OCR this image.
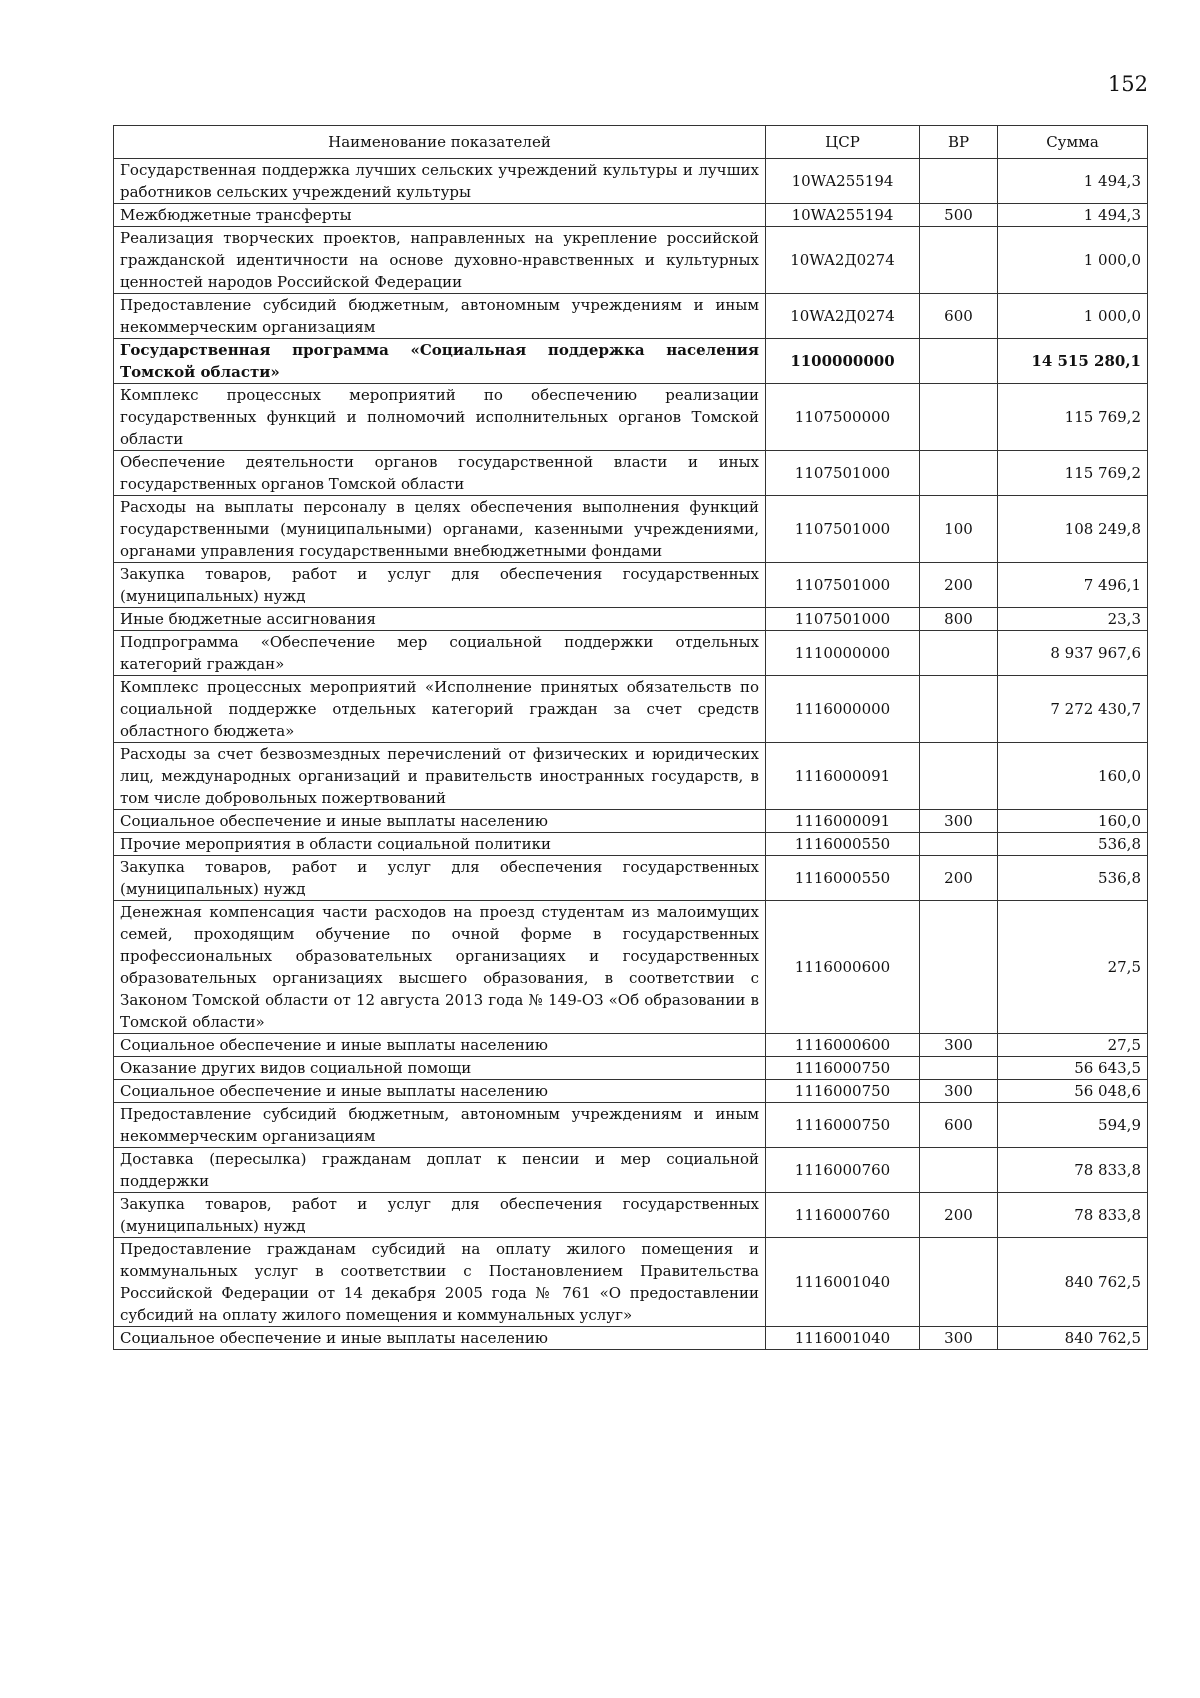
152
Наименование показателей	ЦСР	ВР	Сумма
Государственная поддержка лучших сельских учреждений культуры и лучших работников сельских учреждений культуры	10WA255194		1 494,3
Межбюджетные трансферты	10WA255194	500	1 494,3
Реализация творческих проектов, направленных на укрепление российской гражданской идентичности на основе духовно-нравственных и культурных ценностей народов Российской Федерации	10WA2Д0274		1 000,0
Предоставление субсидий бюджетным, автономным учреждениям и иным некоммерческим организациям	10WA2Д0274	600	1 000,0
Государственная программа «Социальная поддержка населения Томской области»	1100000000		14 515 280,1
Комплекс процессных мероприятий по обеспечению реализации государственных функций и полномочий исполнительных органов Томской области	1107500000		115 769,2
Обеспечение деятельности органов государственной власти и иных государственных органов Томской области	1107501000		115 769,2
Расходы на выплаты персоналу в целях обеспечения выполнения функций государственными (муниципальными) органами, казенными учреждениями, органами управления государственными внебюджетными фондами	1107501000	100	108 249,8
Закупка товаров, работ и услуг для обеспечения государственных (муниципальных) нужд	1107501000	200	7 496,1
Иные бюджетные ассигнования	1107501000	800	23,3
Подпрограмма «Обеспечение мер социальной поддержки отдельных категорий граждан»	1110000000		8 937 967,6
Комплекс процессных мероприятий «Исполнение принятых обязательств по социальной поддержке отдельных категорий граждан за счет средств областного бюджета»	1116000000		7 272 430,7
Расходы за счет безвозмездных перечислений от физических и юридических лиц, международных организаций и правительств иностранных государств, в том числе добровольных пожертвований	1116000091		160,0
Социальное обеспечение и иные выплаты населению	1116000091	300	160,0
Прочие мероприятия в области социальной политики	1116000550		536,8
Закупка товаров, работ и услуг для обеспечения государственных (муниципальных) нужд	1116000550	200	536,8
Денежная компенсация части расходов на проезд студентам из малоимущих семей, проходящим обучение по очной форме в государственных профессиональных образовательных организациях и государственных образовательных организациях высшего образования, в соответствии с Законом Томской области от 12 августа 2013 года № 149-ОЗ «Об образовании в Томской области»	1116000600		27,5
Социальное обеспечение и иные выплаты населению	1116000600	300	27,5
Оказание других видов социальной помощи	1116000750		56 643,5
Социальное обеспечение и иные выплаты населению	1116000750	300	56 048,6
Предоставление субсидий бюджетным, автономным учреждениям и иным некоммерческим организациям	1116000750	600	594,9
Доставка (пересылка) гражданам доплат к пенсии и мер социальной поддержки	1116000760		78 833,8
Закупка товаров, работ и услуг для обеспечения государственных (муниципальных) нужд	1116000760	200	78 833,8
Предоставление гражданам субсидий на оплату жилого помещения и коммунальных услуг в соответствии с Постановлением Правительства Российской Федерации от 14 декабря 2005 года № 761 «О предоставлении субсидий на оплату жилого помещения и коммунальных услуг»	1116001040		840 762,5
Социальное обеспечение и иные выплаты населению	1116001040	300	840 762,5
